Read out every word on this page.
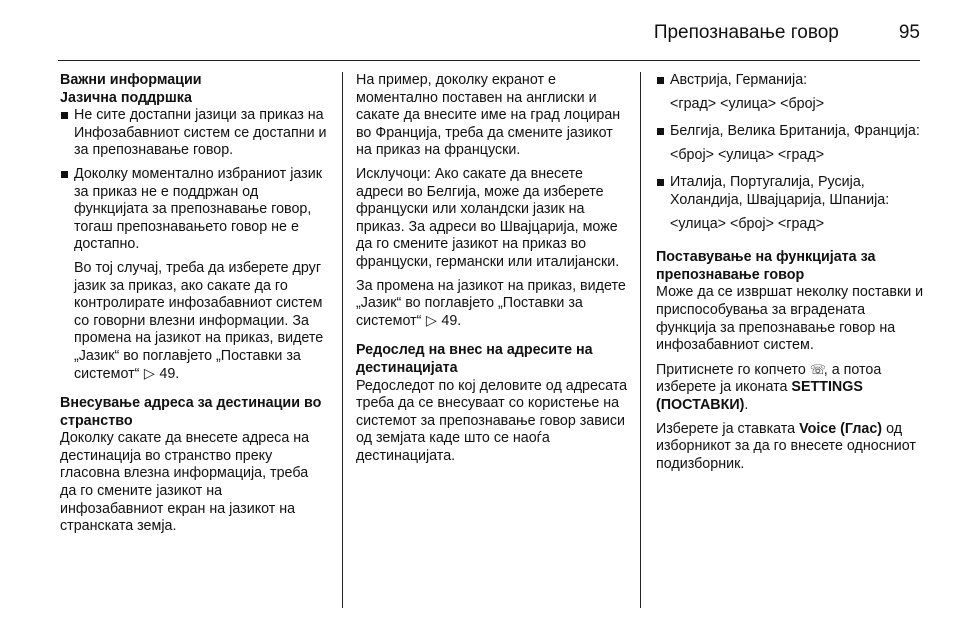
Препознавање говор	95

Важни информации

Јазична поддршка

Не сите достапни јазици за приказ на Инфозабавниот систем се достапни и за препознавање говор.
Доколку моментално избраниот јазик за приказ не е поддржан од функцијата за препознавање говор, тогаш препознавањето говор не е достапно.
Во тој случај, треба да изберете друг јазик за приказ, ако сакате да го контролирате инфозабавниот систем со говорни влезни информации. За промена на јазикот на приказ, видете „Јазик“ во поглавјето „Поставки за системот“ ▷ 49.

Внесување адреса за дестинации во странство

Доколку сакате да внесете адреса на дестинација во странство преку гласовна влезна информација, треба да го смените јазикот на инфозабавниот екран на јазикот на странската земја.

На пример, доколку екранот е моментално поставен на англиски и сакате да внесите име на град лоциран во Франција, треба да смените јазикот на приказ на француски.

Исклучоци: Ако сакате да внесете адреси во Белгија, може да изберете француски или холандски јазик на приказ. За адреси во Швајцарија, може да го смените јазикот на приказ во француски, германски или италијански.

За промена на јазикот на приказ, видете „Јазик“ во поглавјето „Поставки за системот“ ▷ 49.

Редослед на внес на адресите на дестинацијата

Редоследот по кој деловите од адресата треба да се внесуваат со користење на системот за препознавање говор зависи од земјата каде што се наоѓа дестинацијата.

Австрија, Германија:
<град> <улица> <број>
Белгија, Велика Британија, Франција:
<број> <улица> <град>
Италија, Португалија, Русија, Холандија, Швајцарија, Шпанија:
<улица> <број> <град>

Поставување на функцијата за препознавање говор

Може да се извршат неколку поставки и приспособувања за вградената функција за препознавање говор на инфозабавниот систем.

Притиснете го копчето ☏, а потоа изберете ја иконата SETTINGS (ПОСТАВКИ).

Изберете ја ставката Voice (Глас) од изборникот за да го внесете односниот подизборник.
